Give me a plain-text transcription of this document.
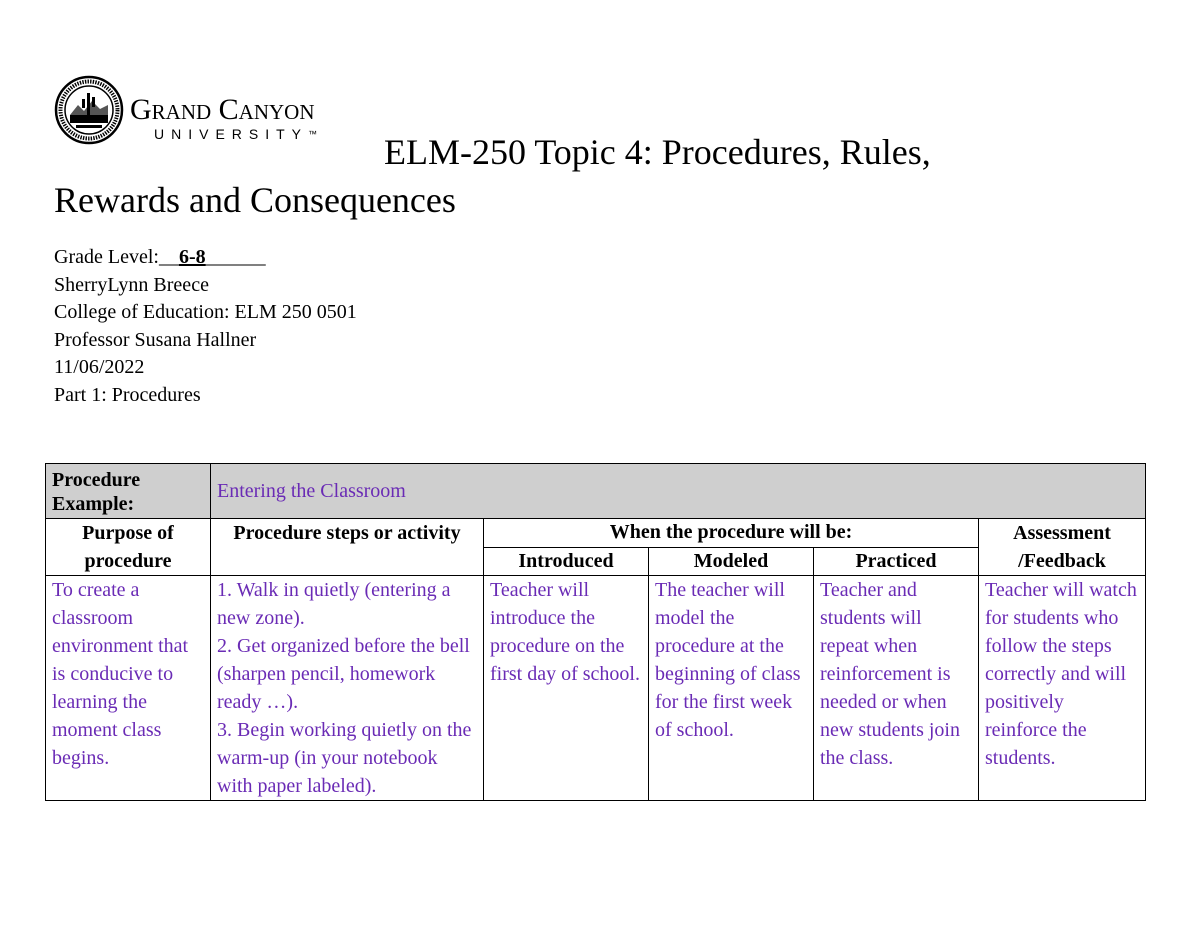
Grand Canyon
UNIVERSITY™ ELM-250 Topic 4: Procedures, Rules,
Rewards and Consequences
Grade Level:__6-8______
SherryLynn Breece
College of Education: ELM 250 0501
Professor Susana Hallner
11/06/2022
Part 1: Procedures
Procedure Example:	Entering the Classroom				
Purpose of procedure	Procedure steps or activity	When the procedure will be:			Assessment /Feedback
		Introduced	Modeled	Practiced	
To create a classroom environment that is conducive to learning the moment class begins.	1. Walk in quietly (entering a new zone).
2. Get organized before the bell (sharpen pencil, homework ready …).
3. Begin working quietly on the warm-up (in your notebook with paper labeled).	Teacher will introduce the procedure on the first day of school.	The teacher will model the procedure at the beginning of class for the first week of school.	Teacher and students will repeat when reinforcement is needed or when new students join the class.	Teacher will watch for students who follow the steps correctly and will positively reinforce the students.
